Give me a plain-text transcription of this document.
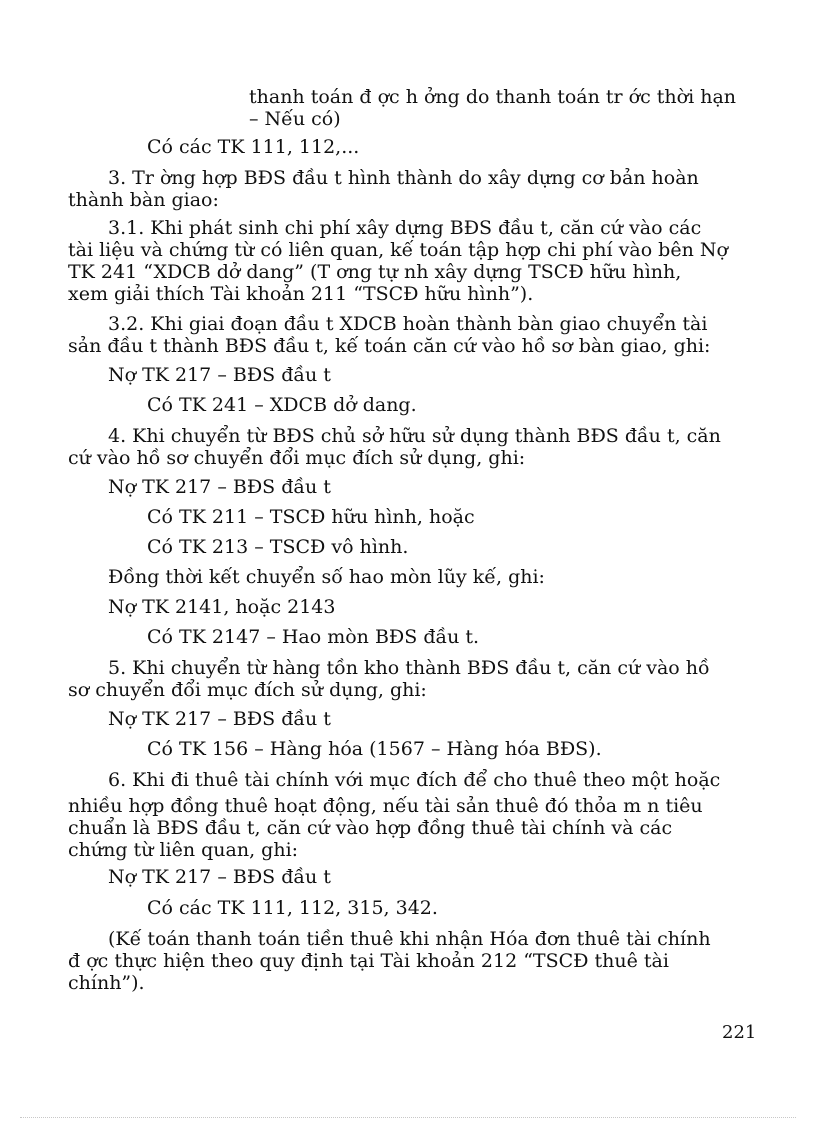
thanh toán đ ợc h ởng do thanh toán tr ớc thời hạn

– Nếu có)

Có các TK 111, 112,...

3. Tr ờng hợp BĐS đầu t hình thành do xây dựng cơ bản hoàn

thành bàn giao:

3.1. Khi phát sinh chi phí xây dựng BĐS đầu t, căn cứ vào các

tài liệu và chứng từ có liên quan, kế toán tập hợp chi phí vào bên Nợ

TK 241 “XDCB dở dang” (T ơng tự nh xây dựng TSCĐ hữu hình,

xem giải thích Tài khoản 211 “TSCĐ hữu hình”).

3.2. Khi giai đoạn đầu t XDCB hoàn thành bàn giao chuyển tài

sản đầu t thành BĐS đầu t, kế toán căn cứ vào hồ sơ bàn giao, ghi:

Nợ TK 217 – BĐS đầu t

Có TK 241 – XDCB dở dang.

4. Khi chuyển từ BĐS chủ sở hữu sử dụng thành BĐS đầu t, căn

cứ vào hồ sơ chuyển đổi mục đích sử dụng, ghi:

Nợ TK 217 – BĐS đầu t

Có TK 211 – TSCĐ hữu hình, hoặc

Có TK 213 – TSCĐ vô hình.

Đồng thời kết chuyển số hao mòn lũy kế, ghi:

Nợ TK 2141, hoặc 2143

Có TK 2147 – Hao mòn BĐS đầu t.

5. Khi chuyển từ hàng tồn kho thành BĐS đầu t, căn cứ vào hồ

sơ chuyển đổi mục đích sử dụng, ghi:

Nợ TK 217 – BĐS đầu t

Có TK 156 – Hàng hóa (1567 – Hàng hóa BĐS).

6. Khi đi thuê tài chính với mục đích để cho thuê theo một hoặc

nhiều hợp đồng thuê hoạt động, nếu tài sản thuê đó thỏa m n tiêu

chuẩn là BĐS đầu t, căn cứ vào hợp đồng thuê tài chính và các

chứng từ liên quan, ghi:

Nợ TK 217 – BĐS đầu t

Có các TK 111, 112, 315, 342.

(Kế toán thanh toán tiền thuê khi nhận Hóa đơn thuê tài chính

đ ợc thực hiện theo quy định tại Tài khoản 212 “TSCĐ thuê tài

chính”).

221
